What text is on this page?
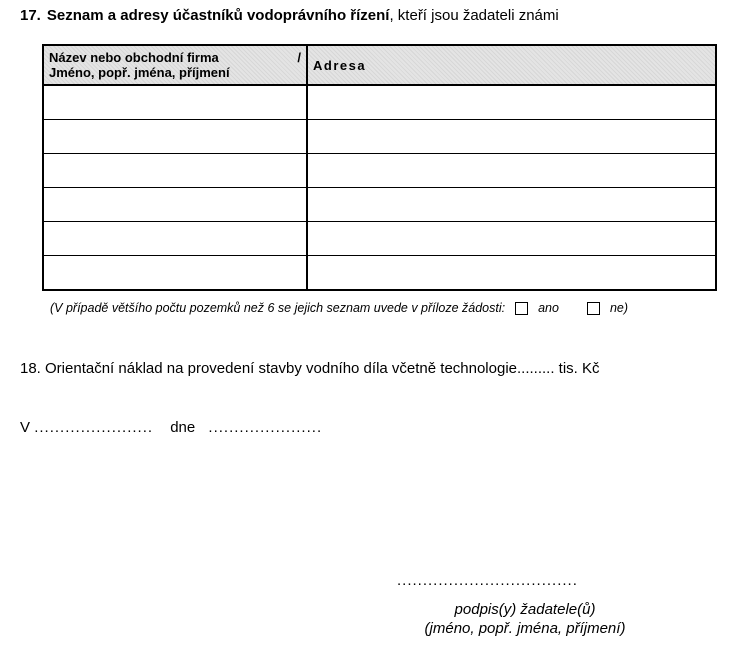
17. Seznam a adresy účastníků vodoprávního řízení, kteří jsou žadateli známi
Název nebo obchodní firma /
Jméno, popř. jména, příjmení	Adresa

(V případě většího počtu pozemků než 6 se jejich seznam uvede v příloze žádosti:	ano	ne)
18. Orientační náklad na provedení stavby vodního díla včetně technologie......... tis. Kč
V ....................... dne ......................
...................................
podpis(y) žadatele(ů)
(jméno, popř. jména, příjmení)
